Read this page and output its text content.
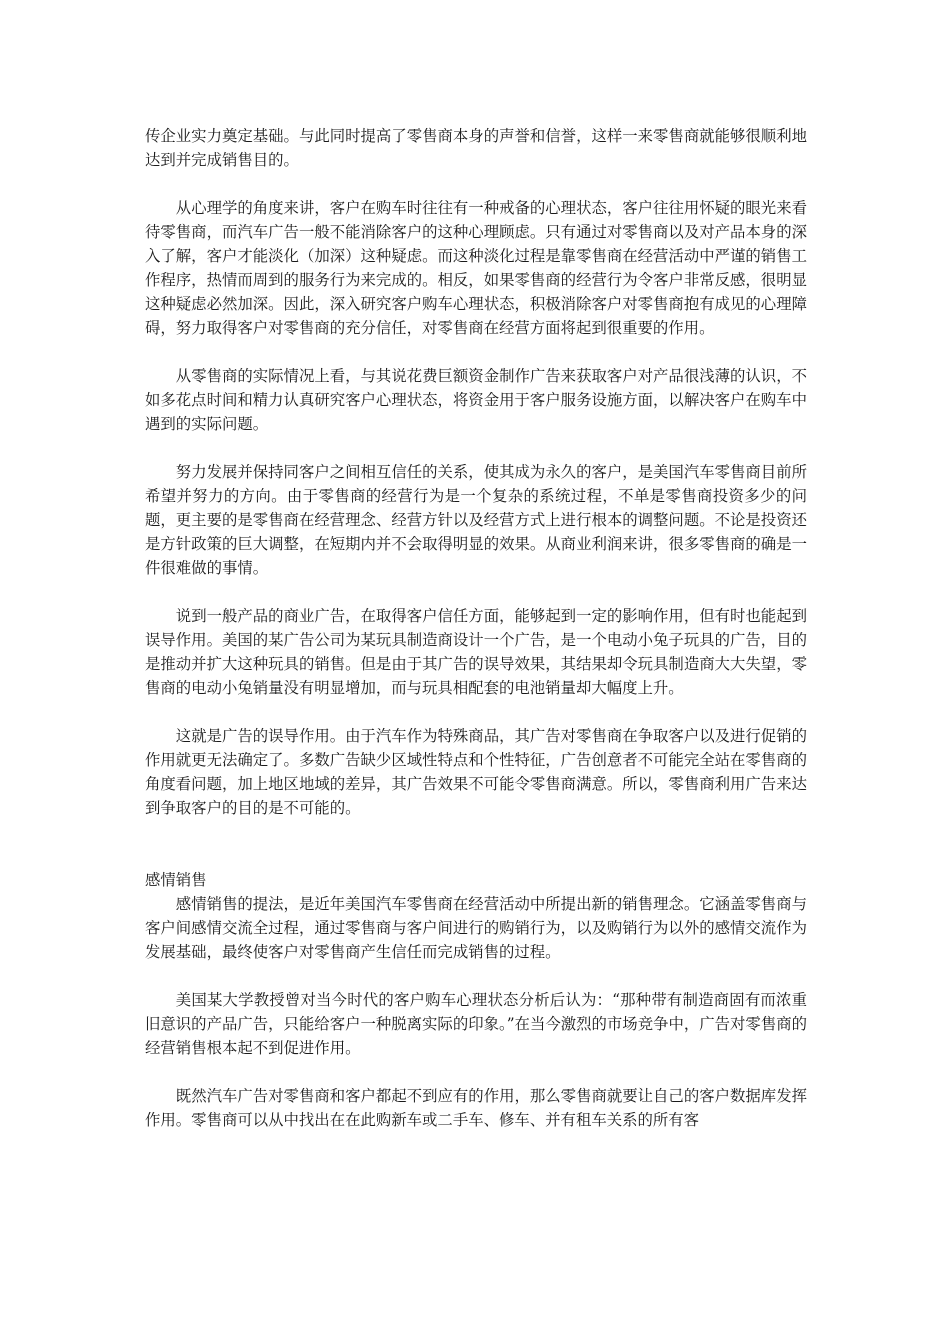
传企业实力奠定基础。与此同时提高了零售商本身的声誉和信誉，这样一来零售商就能够很顺利地达到并完成销售目的。

从心理学的角度来讲，客户在购车时往往有一种戒备的心理状态，客户往往用怀疑的眼光来看待零售商，而汽车广告一般不能消除客户的这种心理顾虑。只有通过对零售商以及对产品本身的深入了解，客户才能淡化（加深）这种疑虑。而这种淡化过程是靠零售商在经营活动中严谨的销售工作程序，热情而周到的服务行为来完成的。相反，如果零售商的经营行为令客户非常反感，很明显这种疑虑必然加深。因此，深入研究客户购车心理状态，积极消除客户对零售商抱有成见的心理障碍，努力取得客户对零售商的充分信任，对零售商在经营方面将起到很重要的作用。

从零售商的实际情况上看，与其说花费巨额资金制作广告来获取客户对产品很浅薄的认识，不如多花点时间和精力认真研究客户心理状态，将资金用于客户服务设施方面，以解决客户在购车中遇到的实际问题。

努力发展并保持同客户之间相互信任的关系，使其成为永久的客户，是美国汽车零售商目前所希望并努力的方向。由于零售商的经营行为是一个复杂的系统过程，不单是零售商投资多少的问题，更主要的是零售商在经营理念、经营方针以及经营方式上进行根本的调整问题。不论是投资还是方针政策的巨大调整，在短期内并不会取得明显的效果。从商业利润来讲，很多零售商的确是一件很难做的事情。

说到一般产品的商业广告，在取得客户信任方面，能够起到一定的影响作用，但有时也能起到误导作用。美国的某广告公司为某玩具制造商设计一个广告，是一个电动小兔子玩具的广告，目的是推动并扩大这种玩具的销售。但是由于其广告的误导效果，其结果却令玩具制造商大大失望，零售商的电动小兔销量没有明显增加，而与玩具相配套的电池销量却大幅度上升。

这就是广告的误导作用。由于汽车作为特殊商品，其广告对零售商在争取客户以及进行促销的作用就更无法确定了。多数广告缺少区域性特点和个性特征，广告创意者不可能完全站在零售商的角度看问题，加上地区地域的差异，其广告效果不可能令零售商满意。所以，零售商利用广告来达到争取客户的目的是不可能的。

感情销售

感情销售的提法，是近年美国汽车零售商在经营活动中所提出新的销售理念。它涵盖零售商与客户间感情交流全过程，通过零售商与客户间进行的购销行为，以及购销行为以外的感情交流作为发展基础，最终使客户对零售商产生信任而完成销售的过程。

美国某大学教授曾对当今时代的客户购车心理状态分析后认为：“那种带有制造商固有而浓重旧意识的产品广告，只能给客户一种脱离实际的印象。”在当今激烈的市场竞争中，广告对零售商的经营销售根本起不到促进作用。

既然汽车广告对零售商和客户都起不到应有的作用，那么零售商就要让自己的客户数据库发挥作用。零售商可以从中找出在在此购新车或二手车、修车、并有租车关系的所有客
